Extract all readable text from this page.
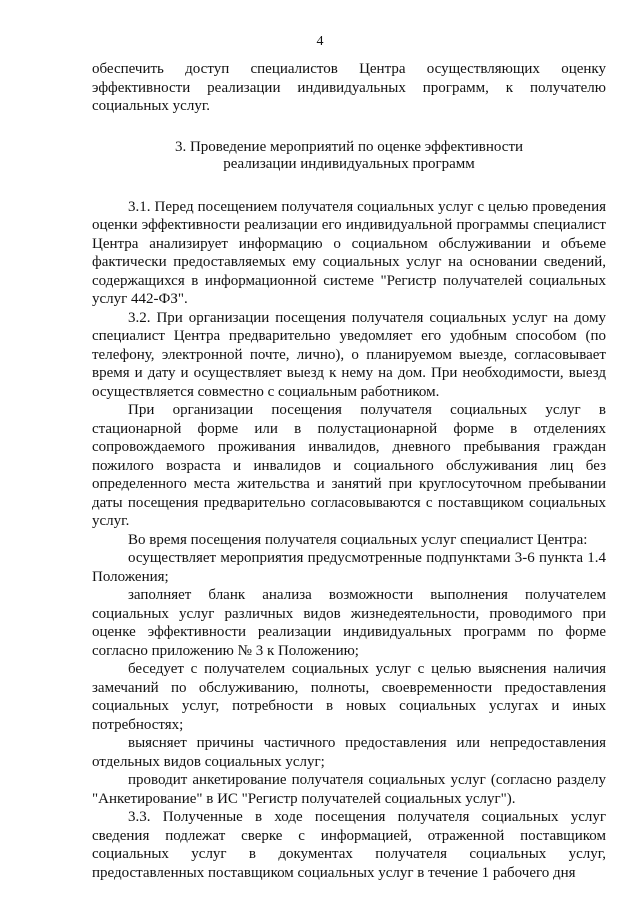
4

обеспечить доступ специалистов Центра осуществляющих оценку эффективности реализации индивидуальных программ, к получателю социальных услуг.

3. Проведение мероприятий по оценке эффективности
реализации индивидуальных программ

3.1. Перед посещением получателя социальных услуг с целью проведения оценки эффективности реализации его индивидуальной программы специалист Центра анализирует информацию о социальном обслуживании и объеме фактически предоставляемых ему социальных услуг на основании сведений, содержащихся в информационной системе "Регистр получателей социальных услуг 442-ФЗ".

3.2. При организации посещения получателя социальных услуг на дому специалист Центра предварительно уведомляет его удобным способом (по телефону, электронной почте, лично), о планируемом выезде, согласовывает время и дату и осуществляет выезд к нему на дом. При необходимости, выезд осуществляется совместно с социальным работником.

При организации посещения получателя социальных услуг в стационарной форме или в полустационарной форме в отделениях сопровождаемого проживания инвалидов, дневного пребывания граждан пожилого возраста и инвалидов и социального обслуживания лиц без определенного места жительства и занятий при круглосуточном пребывании даты посещения предварительно согласовываются с поставщиком социальных услуг.

Во время посещения получателя социальных услуг специалист Центра:

осуществляет мероприятия предусмотренные подпунктами 3-6 пункта 1.4 Положения;

заполняет бланк анализа возможности выполнения получателем социальных услуг различных видов жизнедеятельности, проводимого при оценке эффективности реализации индивидуальных программ по форме согласно приложению № 3 к Положению;

беседует с получателем социальных услуг с целью выяснения наличия замечаний по обслуживанию, полноты, своевременности предоставления социальных услуг, потребности в новых социальных услугах и иных потребностях;

выясняет причины частичного предоставления или непредоставления отдельных видов социальных услуг;

проводит анкетирование получателя социальных услуг (согласно разделу "Анкетирование" в ИС "Регистр получателей социальных услуг").

3.3. Полученные в ходе посещения получателя социальных услуг сведения подлежат сверке с информацией, отраженной поставщиком социальных услуг в документах получателя социальных услуг, предоставленных поставщиком социальных услуг в течение 1 рабочего дня
